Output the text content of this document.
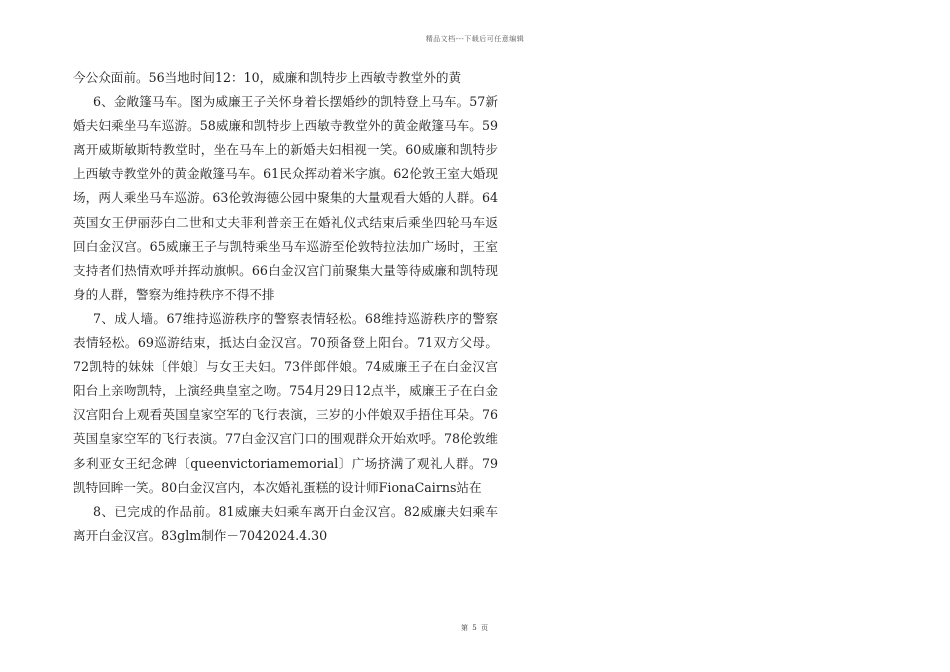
精品文档---下载后可任意编辑

今公众面前。56当地时间12：10，威廉和凯特步上西敏寺教堂外的黄

6、金敞篷马车。图为威廉王子关怀身着长摆婚纱的凯特登上马车。57新婚夫妇乘坐马车巡游。58威廉和凯特步上西敏寺教堂外的黄金敞篷马车。59离开威斯敏斯特教堂时，坐在马车上的新婚夫妇相视一笑。60威廉和凯特步上西敏寺教堂外的黄金敞篷马车。61民众挥动着米字旗。62伦敦王室大婚现场，两人乘坐马车巡游。63伦敦海德公园中聚集的大量观看大婚的人群。64英国女王伊丽莎白二世和丈夫菲利普亲王在婚礼仪式结束后乘坐四轮马车返回白金汉宫。65威廉王子与凯特乘坐马车巡游至伦敦特拉法加广场时，王室支持者们热情欢呼并挥动旗帜。66白金汉宫门前聚集大量等待威廉和凯特现身的人群，警察为维持秩序不得不排

7、成人墙。67维持巡游秩序的警察表情轻松。68维持巡游秩序的警察表情轻松。69巡游结束，抵达白金汉宫。70预备登上阳台。71双方父母。72凯特的妹妹〔伴娘〕与女王夫妇。73伴郎伴娘。74威廉王子在白金汉宫阳台上亲吻凯特，上演经典皇室之吻。754月29日12点半，威廉王子在白金汉宫阳台上观看英国皇家空军的飞行表演，三岁的小伴娘双手捂住耳朵。76英国皇家空军的飞行表演。77白金汉宫门口的围观群众开始欢呼。78伦敦维多利亚女王纪念碑〔queenvictoriamemorial〕广场挤满了观礼人群。79凯特回眸一笑。80白金汉宫内，本次婚礼蛋糕的设计师FionaCairns站在

8、已完成的作品前。81威廉夫妇乘车离开白金汉宫。82威廉夫妇乘车离开白金汉宫。83glm制作－7042024.4.30

第 5 页
